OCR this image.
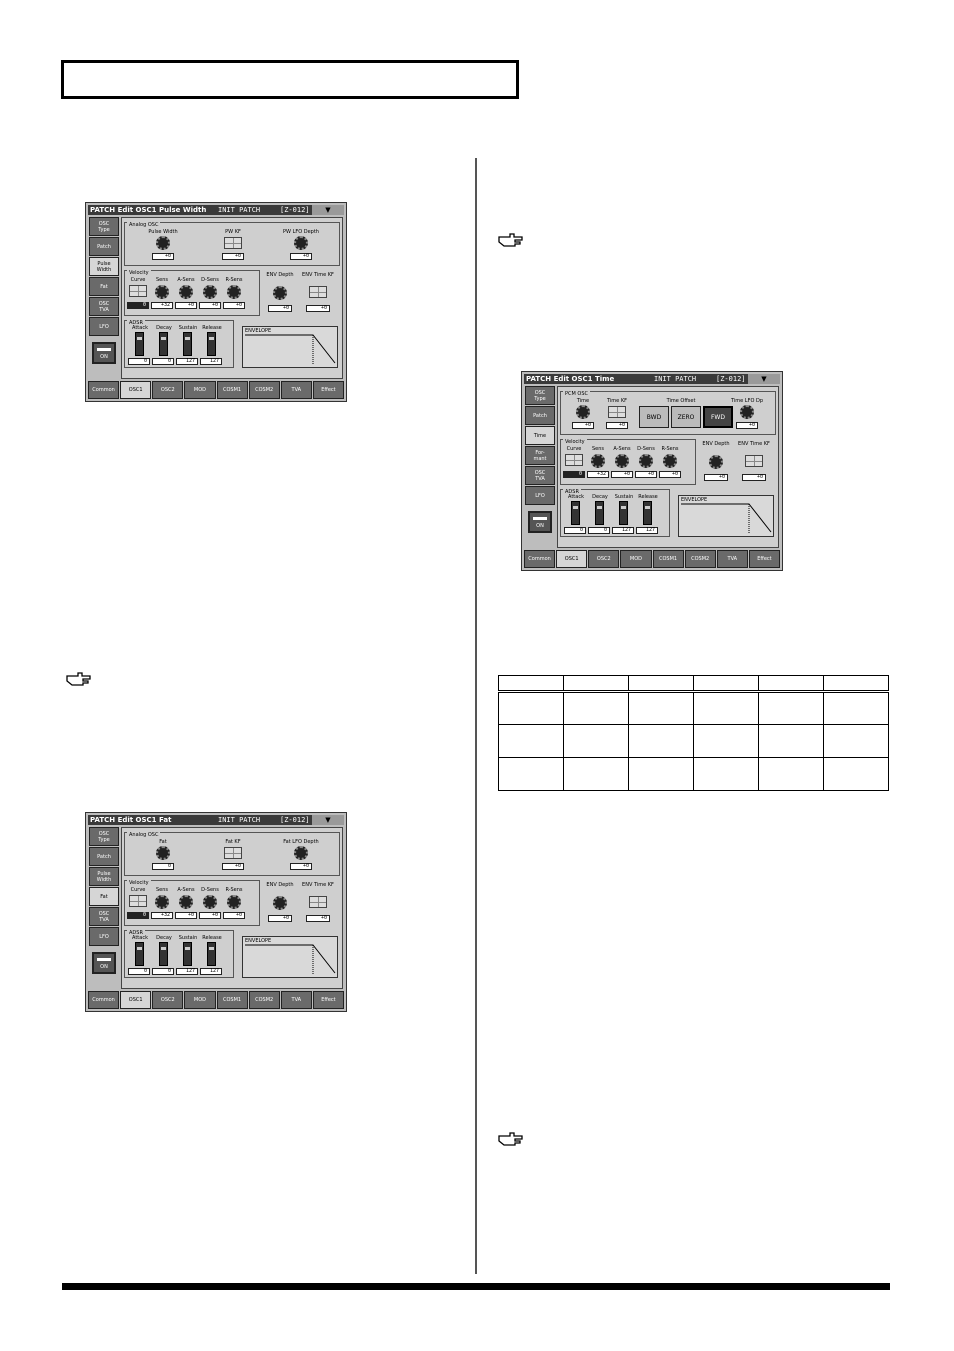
PATCH Edit OSC1 Pulse Width INIT PATCH	[Z-012]	▼
OSC
Type
Patch
Pulse
Width
Fat
OSC
TVA
LFO
ON
Analog OSC
Pulse Width
+0
PW KF
+0
PW LFO Depth
+0
Velocity
Curve
0
Sens
+32
A-Sens
+0
D-Sens
+0
R-Sens
+0
ENV Depth
+0
ENV Time KF
+0
ADSR
Attack
0
Decay
0
Sustain
127
Release
127
ENVELOPE
Common	OSC1	OSC2	MOD	COSM1	COSM2	TVA	Effect
PATCH Edit OSC1 Fat	INIT PATCH	[Z-012]	▼
OSC
Type
Patch
Pulse
Width
Fat
OSC
TVA
LFO
ON
Analog OSC
Fat
0
Fat KF
+0
Fat LFO Depth
+0
Velocity
Curve
0
Sens
+32
A-Sens
+0
D-Sens
+0
R-Sens
+0
ENV Depth
+0
ENV Time KF
+0
ADSR
Attack
0
Decay
0
Sustain
127
Release
127
ENVELOPE
Common	OSC1	OSC2	MOD	COSM1	COSM2	TVA	Effect
PATCH Edit OSC1 Time	INIT PATCH	[Z-012]	▼
OSC
Type
Patch
Time
For-
mant
OSC
TVA
LFO
ON
PCM OSC
Time
+0
Time KF
+0
Time LFO Dp
+0
Time Offset
BWD	ZERO	FWD
Velocity
Curve
0
Sens
+32
A-Sens
+0
D-Sens
+0
R-Sens
+0
ENV Depth
+0
ENV Time KF
+0
ADSR
Attack
0
Decay
0
Sustain
127
Release
127
ENVELOPE
Common	OSC1	OSC2	MOD	COSM1	COSM2	TVA	Effect
